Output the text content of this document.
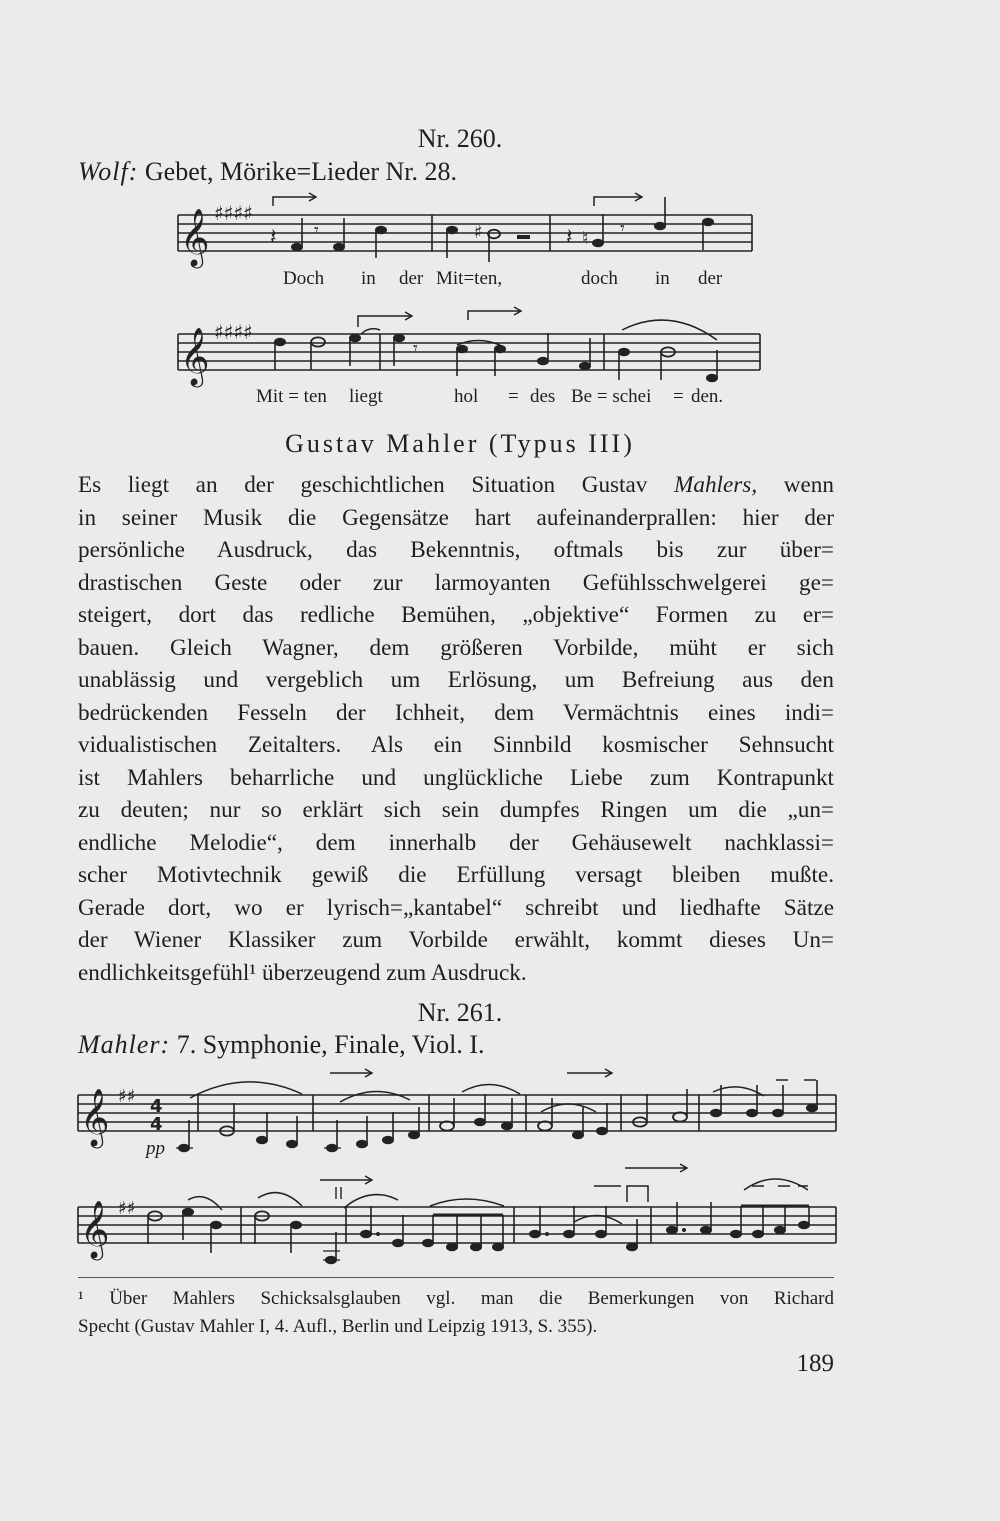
Nr. 260.
Wolf: Gebet, Mörike=Lieder Nr. 28.
𝄞 ♯♯♯♯
𝄽 𝄾	♯	𝄽 ♮ 𝄾
Doch in der Mit=ten,	doch in der
𝄞 ♯♯♯♯
𝄾
Mit = ten liegt	hol = des Be = schei = den.
Gustav Mahler (Typus III)
Es liegt an der geschichtlichen Situation Gustav Mahlers, wenn
in seiner Musik die Gegensätze hart aufeinanderprallen: hier der
persönliche Ausdruck, das Bekenntnis, oftmals bis zur über=
drastischen Geste oder zur larmoyanten Gefühlsschwelgerei ge=
steigert, dort das redliche Bemühen, „objektive“ Formen zu er=
bauen. Gleich Wagner, dem größeren Vorbilde, müht er sich
unablässig und vergeblich um Erlösung, um Befreiung aus den
bedrückenden Fesseln der Ichheit, dem Vermächtnis eines indi=
vidualistischen Zeitalters. Als ein Sinnbild kosmischer Sehnsucht
ist Mahlers beharrliche und unglückliche Liebe zum Kontrapunkt
zu deuten; nur so erklärt sich sein dumpfes Ringen um die „un=
endliche Melodie“, dem innerhalb der Gehäusewelt nachklassi=
scher Motivtechnik gewiß die Erfüllung versagt bleiben mußte.
Gerade dort, wo er lyrisch=„kantabel“ schreibt und liedhafte Sätze
der Wiener Klassiker zum Vorbilde erwählt, kommt dieses Un=
endlichkeitsgefühl¹ überzeugend zum Ausdruck.
Nr. 261.
Mahler: 7. Symphonie, Finale, Viol. I.
𝄞 ♯♯ 4
4
pp
𝄞 ♯♯
¹ Über Mahlers Schicksalsglauben vgl. man die Bemerkungen von Richard
Specht (Gustav Mahler I, 4. Aufl., Berlin und Leipzig 1913, S. 355).
189
